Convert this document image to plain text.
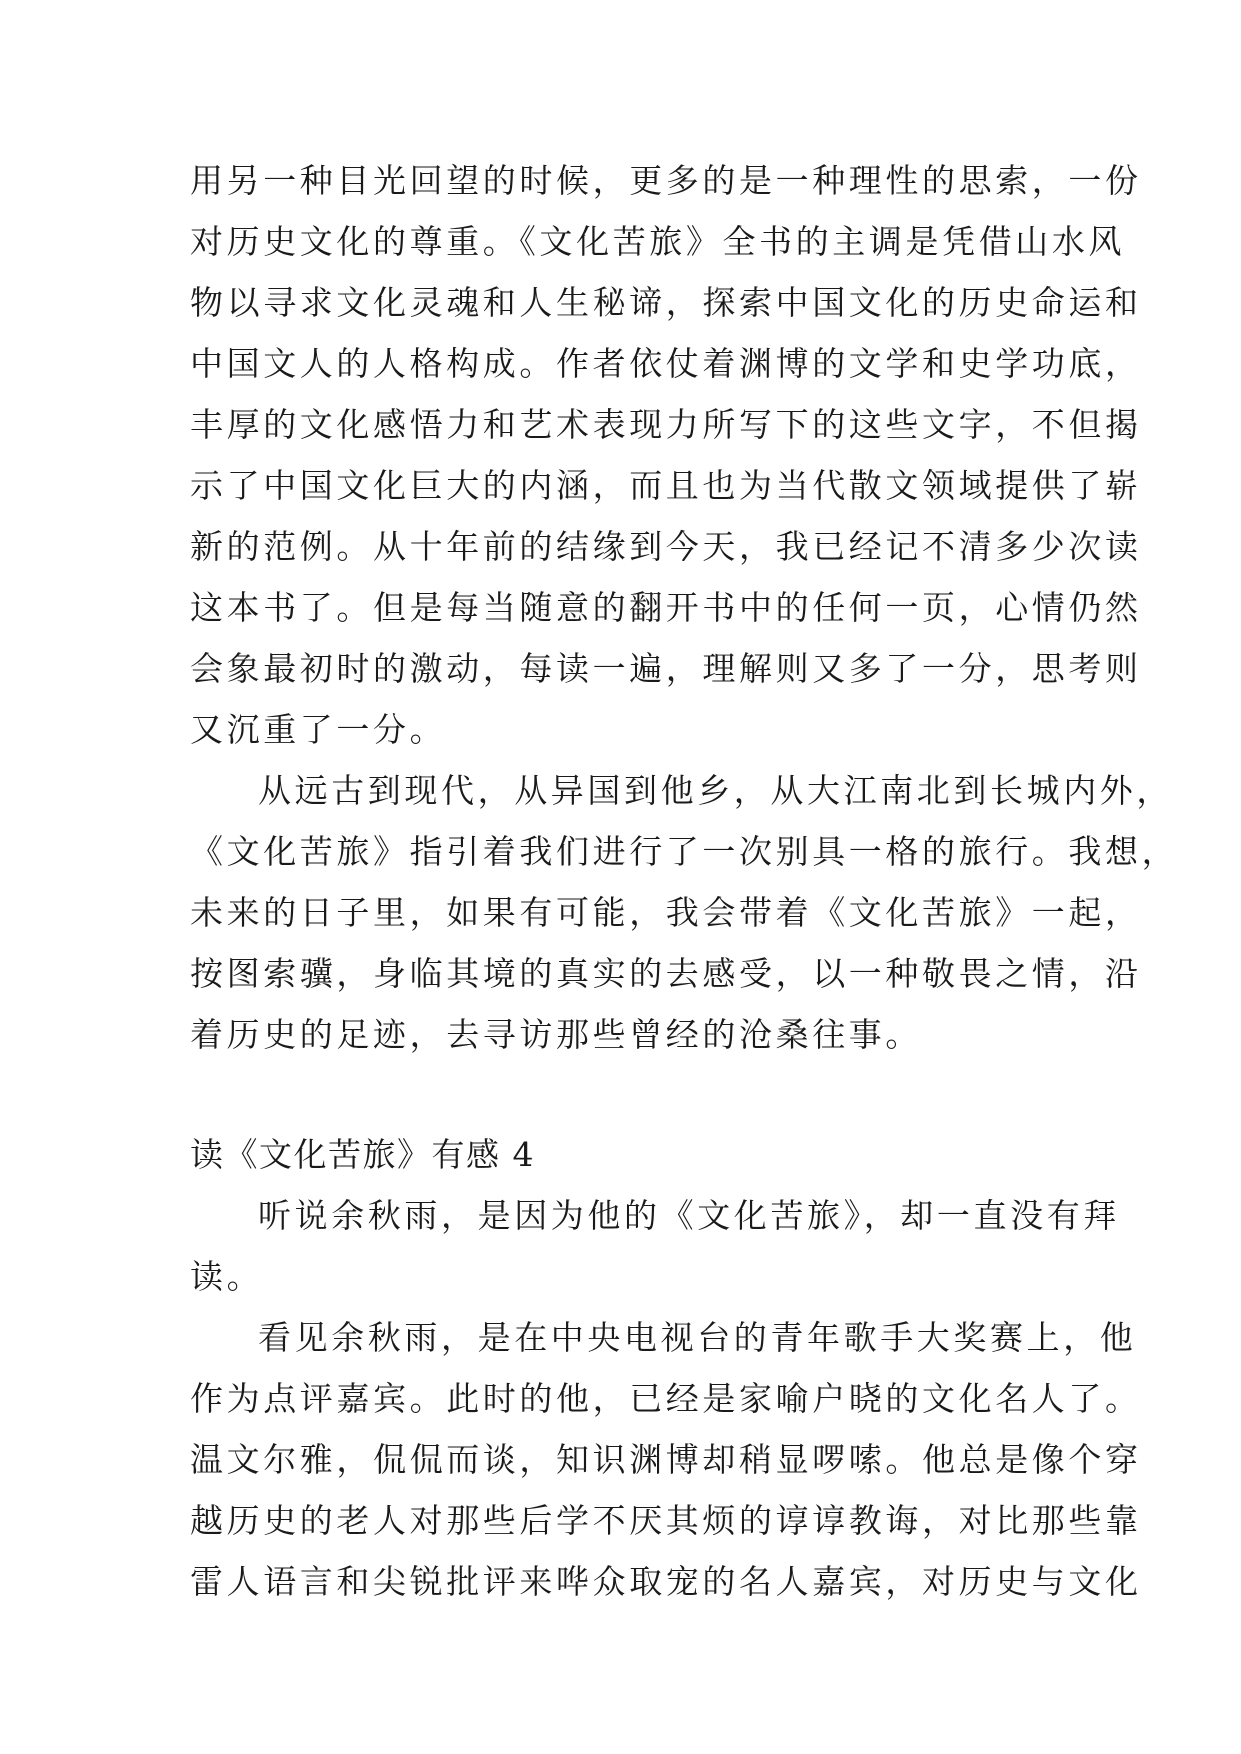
用另一种目光回望的时候，更多的是一种理性的思索，一份
对历史文化的尊重。《文化苦旅》全书的主调是凭借山水风
物以寻求文化灵魂和人生秘谛，探索中国文化的历史命运和
中国文人的人格构成。作者依仗着渊博的文学和史学功底，
丰厚的文化感悟力和艺术表现力所写下的这些文字，不但揭
示了中国文化巨大的内涵，而且也为当代散文领域提供了崭
新的范例。从十年前的结缘到今天，我已经记不清多少次读
这本书了。但是每当随意的翻开书中的任何一页，心情仍然
会象最初时的激动，每读一遍，理解则又多了一分，思考则
又沉重了一分。
从远古到现代，从异国到他乡，从大江南北到长城内外，
《文化苦旅》指引着我们进行了一次别具一格的旅行。我想，
未来的日子里，如果有可能，我会带着《文化苦旅》一起，
按图索骥，身临其境的真实的去感受，以一种敬畏之情，沿
着历史的足迹，去寻访那些曾经的沧桑往事。
读《文化苦旅》有感 4
听说余秋雨，是因为他的《文化苦旅》，却一直没有拜
读。
看见余秋雨，是在中央电视台的青年歌手大奖赛上，他
作为点评嘉宾。此时的他，已经是家喻户晓的文化名人了。
温文尔雅，侃侃而谈，知识渊博却稍显啰嗦。他总是像个穿
越历史的老人对那些后学不厌其烦的谆谆教诲，对比那些靠
雷人语言和尖锐批评来哗众取宠的名人嘉宾，对历史与文化
